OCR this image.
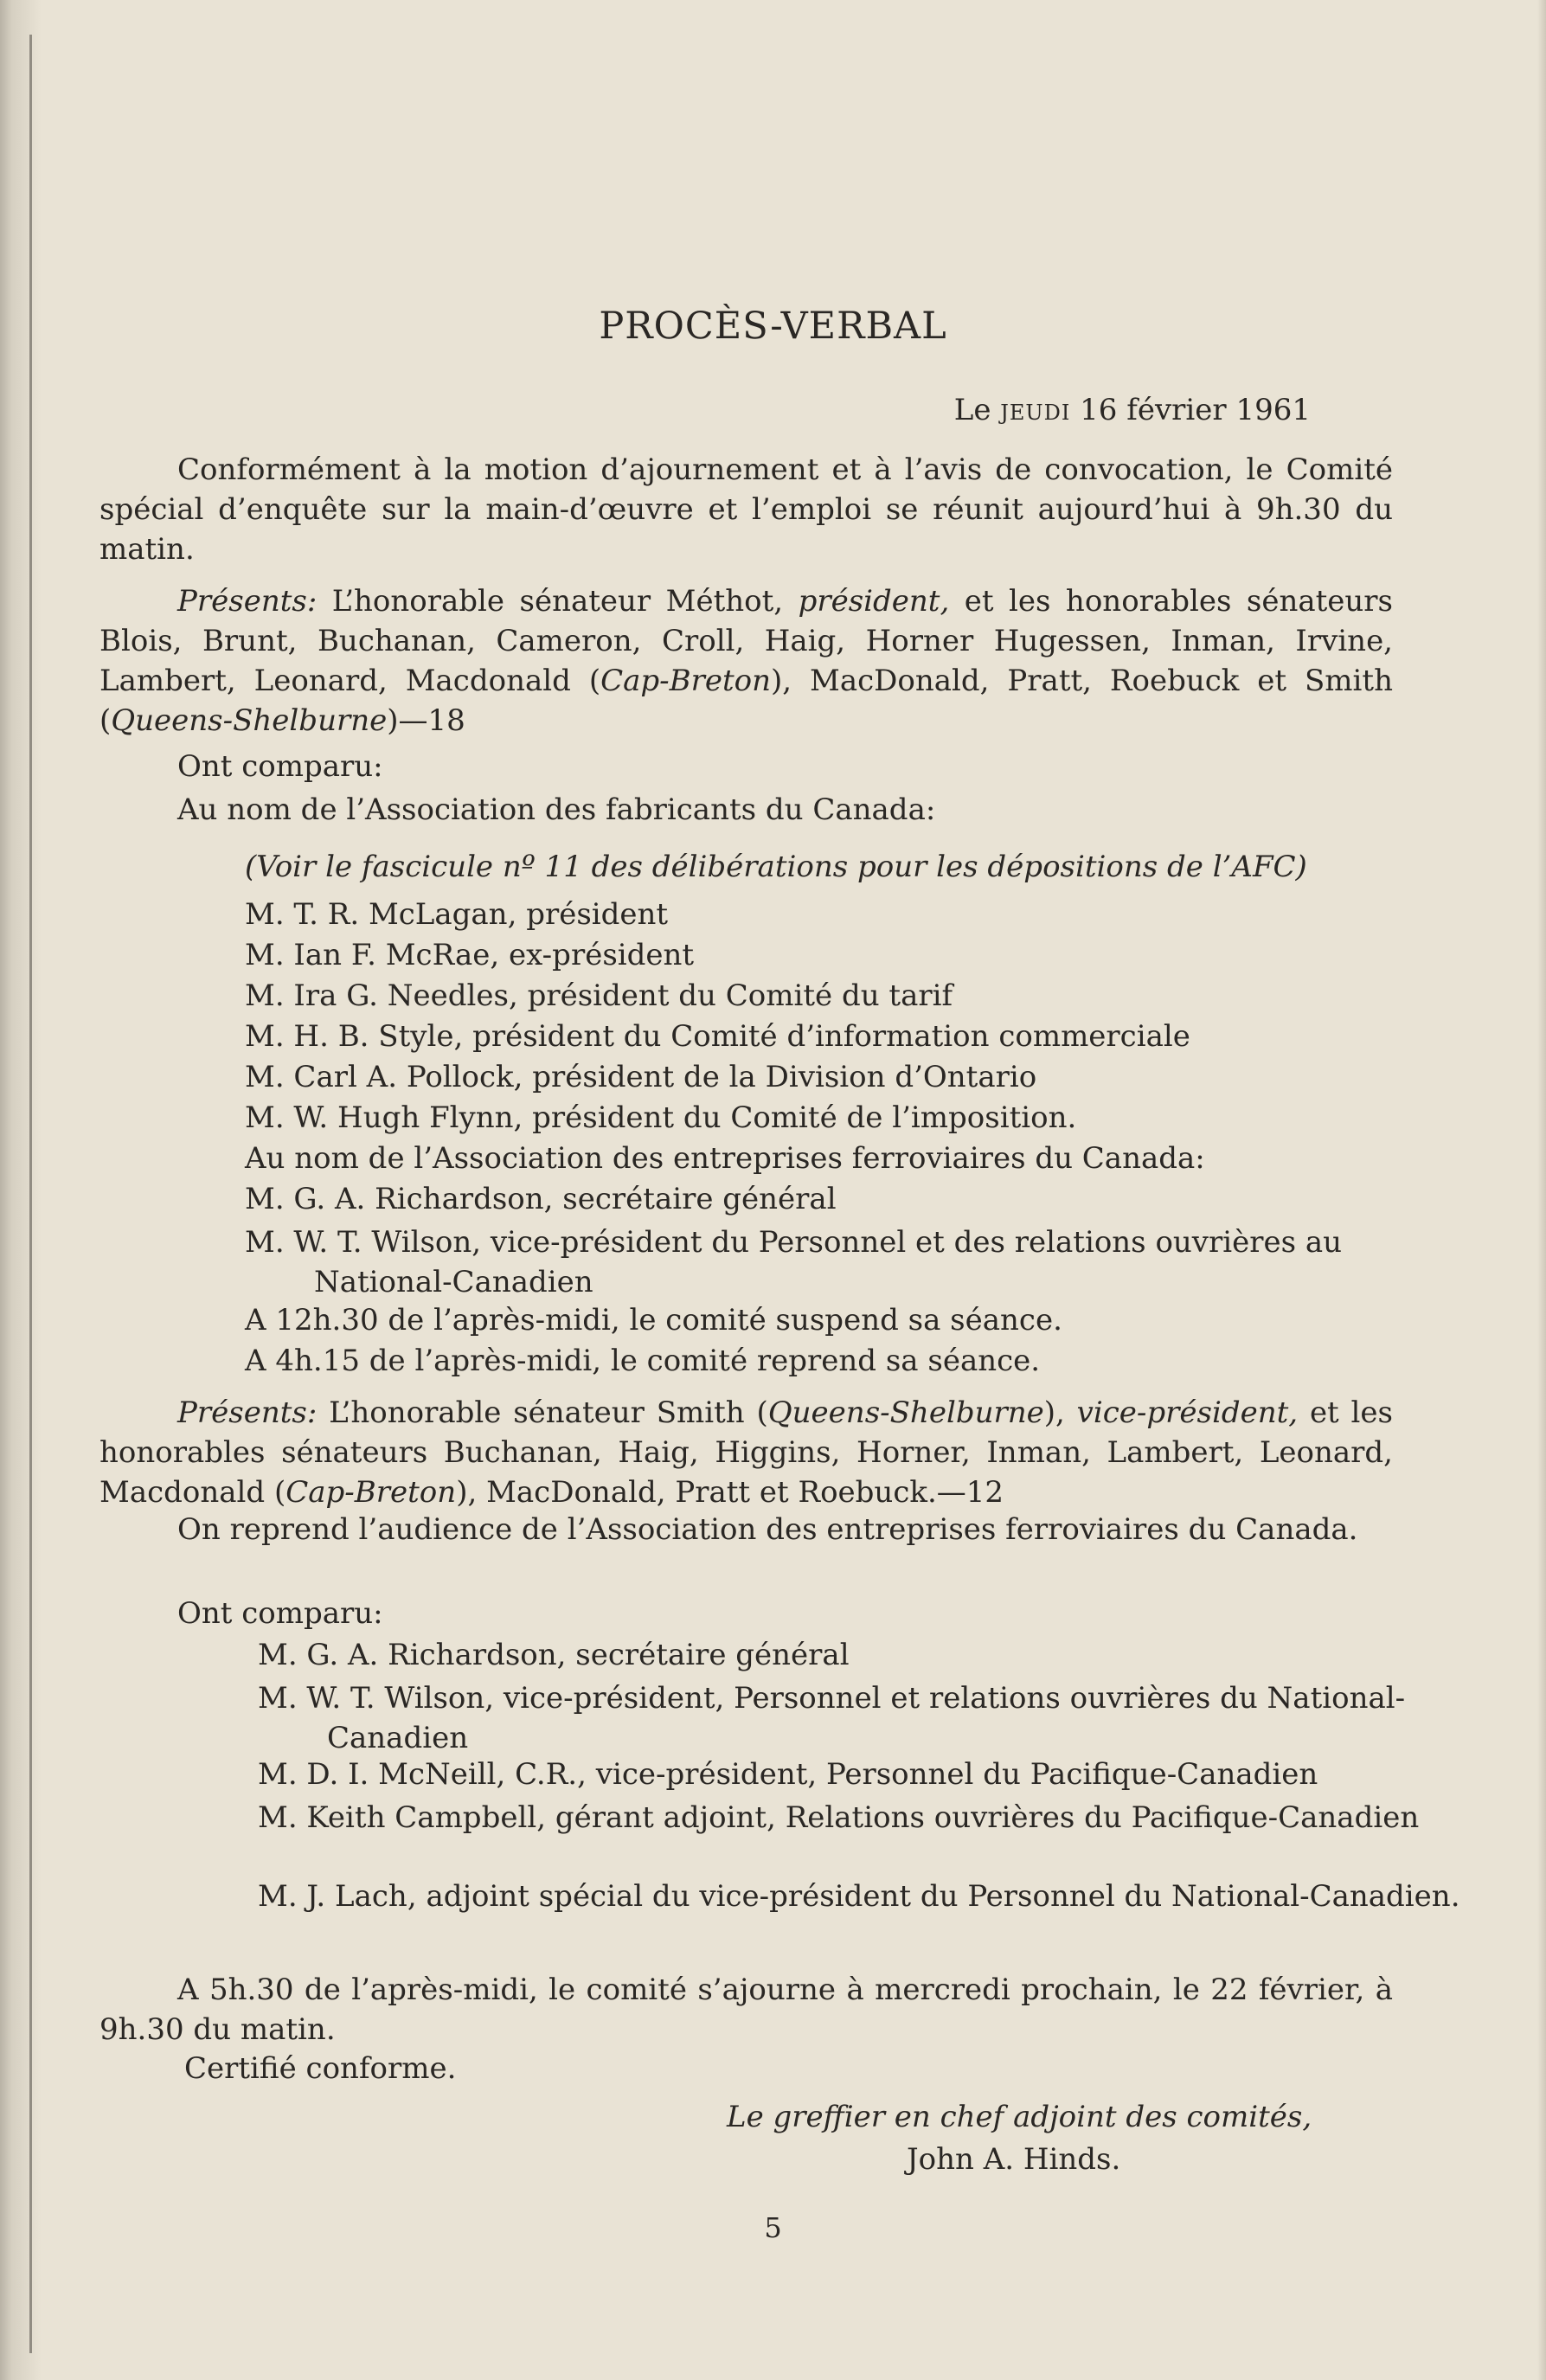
PROCÈS-VERBAL
Le jeudi 16 février 1961

Conformément à la motion d’ajournement et à l’avis de convocation, le Comité spécial d’enquête sur la main-d’œuvre et l’emploi se réunit aujourd’hui à 9h.30 du matin.

Présents: L’honorable sénateur Méthot, président, et les honorables sénateurs Blois, Brunt, Buchanan, Cameron, Croll, Haig, Horner Hugessen, Inman, Irvine, Lambert, Leonard, Macdonald (Cap-Breton), MacDonald, Pratt, Roebuck et Smith (Queens-Shelburne)—18

Ont comparu:

Au nom de l’Association des fabricants du Canada:

(Voir le fascicule nº 11 des délibérations pour les dépositions de l’AFC)

M. T. R. McLagan, président

M. Ian F. McRae, ex-président

M. Ira G. Needles, président du Comité du tarif

M. H. B. Style, président du Comité d’information commerciale

M. Carl A. Pollock, président de la Division d’Ontario

M. W. Hugh Flynn, président du Comité de l’imposition.

Au nom de l’Association des entreprises ferroviaires du Canada:

M. G. A. Richardson, secrétaire général

M. W. T. Wilson, vice-président du Personnel et des relations ouvrières au National-Canadien

A 12h.30 de l’après-midi, le comité suspend sa séance.

A 4h.15 de l’après-midi, le comité reprend sa séance.

Présents: L’honorable sénateur Smith (Queens-Shelburne), vice-président, et les honorables sénateurs Buchanan, Haig, Higgins, Horner, Inman, Lambert, Leonard, Macdonald (Cap-Breton), MacDonald, Pratt et Roebuck.—12

On reprend l’audience de l’Association des entreprises ferroviaires du Canada.

Ont comparu:

M. G. A. Richardson, secrétaire général

M. W. T. Wilson, vice-président, Personnel et relations ouvrières du National-Canadien

M. D. I. McNeill, C.R., vice-président, Personnel du Pacifique-Canadien

M. Keith Campbell, gérant adjoint, Relations ouvrières du Pacifique-Canadien

M. J. Lach, adjoint spécial du vice-président du Personnel du National-Canadien.

A 5h.30 de l’après-midi, le comité s’ajourne à mercredi prochain, le 22 février, à 9h.30 du matin.

Certifié conforme.

Le greffier en chef adjoint des comités,
John A. Hinds.
5
